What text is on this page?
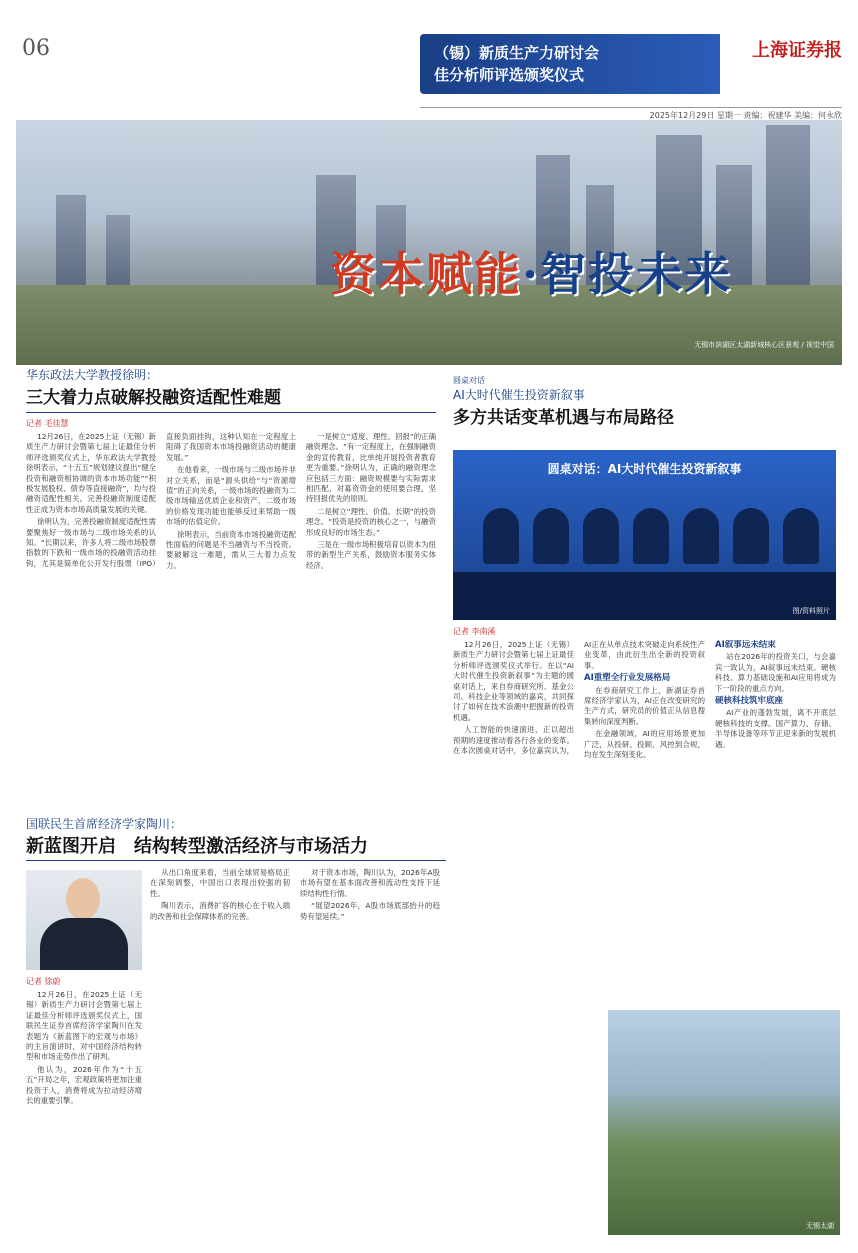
06	（锡）新质生产力研讨会
佳分析师评选颁奖仪式
上海证券报
2025年12月29日 星期一 责编：祝建华 美编：何永欣
无锡市滨湖区太湖新城核心区景观 / 视觉中国
资本赋能·智投未来
华东政法大学教授徐明：
三大着力点破解投融资适配性难题
记者 毛佳慧

12月26日，在2025上证（无锡）新质生产力研讨会暨第七届上证最佳分析师评选颁奖仪式上，华东政法大学教授徐明表示，“十五五”规划建议提出“健全投资和融资相协调的资本市场功能”“积极发展股权、债券等直接融资”，均与投融资适配性相关。完善投融资制度适配性正成为资本市场高质量发展的关键。

徐明认为，完善投融资制度适配性需要聚焦好一级市场与二级市场关系的认知。“长期以来，许多人将二级市场股票指数的下跌和一级市场的投融资活动挂钩，尤其是简单化公开发行股票（IPO）直接负面挂钩，这种认知在一定程度上阻碍了我国资本市场投融资活动的健康发展。”

在他看来，一级市场与二级市场并非对立关系，而是“源头供给”与“资源增值”的正向关系，一级市场的投融资为二级市场输送优质企业和资产，二级市场的价格发现功能也能够反过来帮助一级市场的估值定价。

徐明表示，当前资本市场投融资适配性面临的问题是不当融资与不当投资。要破解这一难题，需从三大着力点发力。

一是树立“适度、理性、回报”的正确融资理念。“有一定程度上，在强制融资金的宣传教育，比单纯开展投资者教育更为重要。”徐明认为，正确的融资理念应包括三方面：融资规模要与实际需求相匹配，对募资资金的使用要合理，坚持回报优先的原则。

二是树立“理性、价值、长期”的投资理念。“投资是投资的核心之一，与融资形成良好的市场生态。”

三是在一级市场积极培育以资本为纽带的新型生产关系，鼓励资本服务实体经济。

圆桌对话
AI大时代催生投资新叙事
多方共话变革机遇与布局路径
圆桌对话：AI大时代催生投资新叙事
图/资料照片
记者 李南溪

12月26日，2025上证（无锡）新质生产力研讨会暨第七届上证最佳分析师评选颁奖仪式举行。在以“AI大时代催生投资新叙事”为主题的圆桌对话上，来自券商研究所、基金公司、科技企业等领域的嘉宾，共同探讨了如何在技术浪潮中把握新的投资机遇。

人工智能的快速演进，正以超出预期的速度推动着各行各业的变革。在本次圆桌对话中，多位嘉宾认为，AI正在从单点技术突破走向系统性产业变革，由此衍生出全新的投资叙事。

AI重塑全行业发展格局

在券商研究工作上，新湖证券首席经济学家认为，AI正在改变研究的生产方式，研究员的价值正从信息搜集转向深度判断。

在金融领域，AI的应用场景更加广泛，从投研、投顾、风控到合规，均在发生深刻变化。

AI叙事远未结束

站在2026年的投资关口，与会嘉宾一致认为，AI叙事远未结束。硬核科技、算力基础设施和AI应用将成为下一阶段的重点方向。

硬核科技筑牢底座

AI产业的蓬勃发展，离不开底层硬核科技的支撑。国产算力、存储、半导体设备等环节正迎来新的发展机遇。

国联民生首席经济学家陶川：
新蓝图开启　结构转型激活经济与市场活力
记者 徐蔚

12月26日，在2025上证（无锡）新质生产力研讨会暨第七届上证最佳分析师评选颁奖仪式上，国联民生证券首席经济学家陶川在发表题为《新蓝图下的宏观与市场》的主旨演讲时，对中国经济结构转型和市场走势作出了研判。

他认为，2026年作为“十五五”开局之年，宏观政策将更加注重投资于人，消费将成为拉动经济增长的重要引擎。

从出口角度来看，当前全球贸易格局正在深刻调整，中国出口表现出较强的韧性。

陶川表示，消费扩容的核心在于收入端的改善和社会保障体系的完善。

对于资本市场，陶川认为，2026年A股市场有望在基本面改善和流动性支持下延续结构性行情。

“展望2026年，A股市场底部抬升的趋势有望延续。”

无锡太湖
